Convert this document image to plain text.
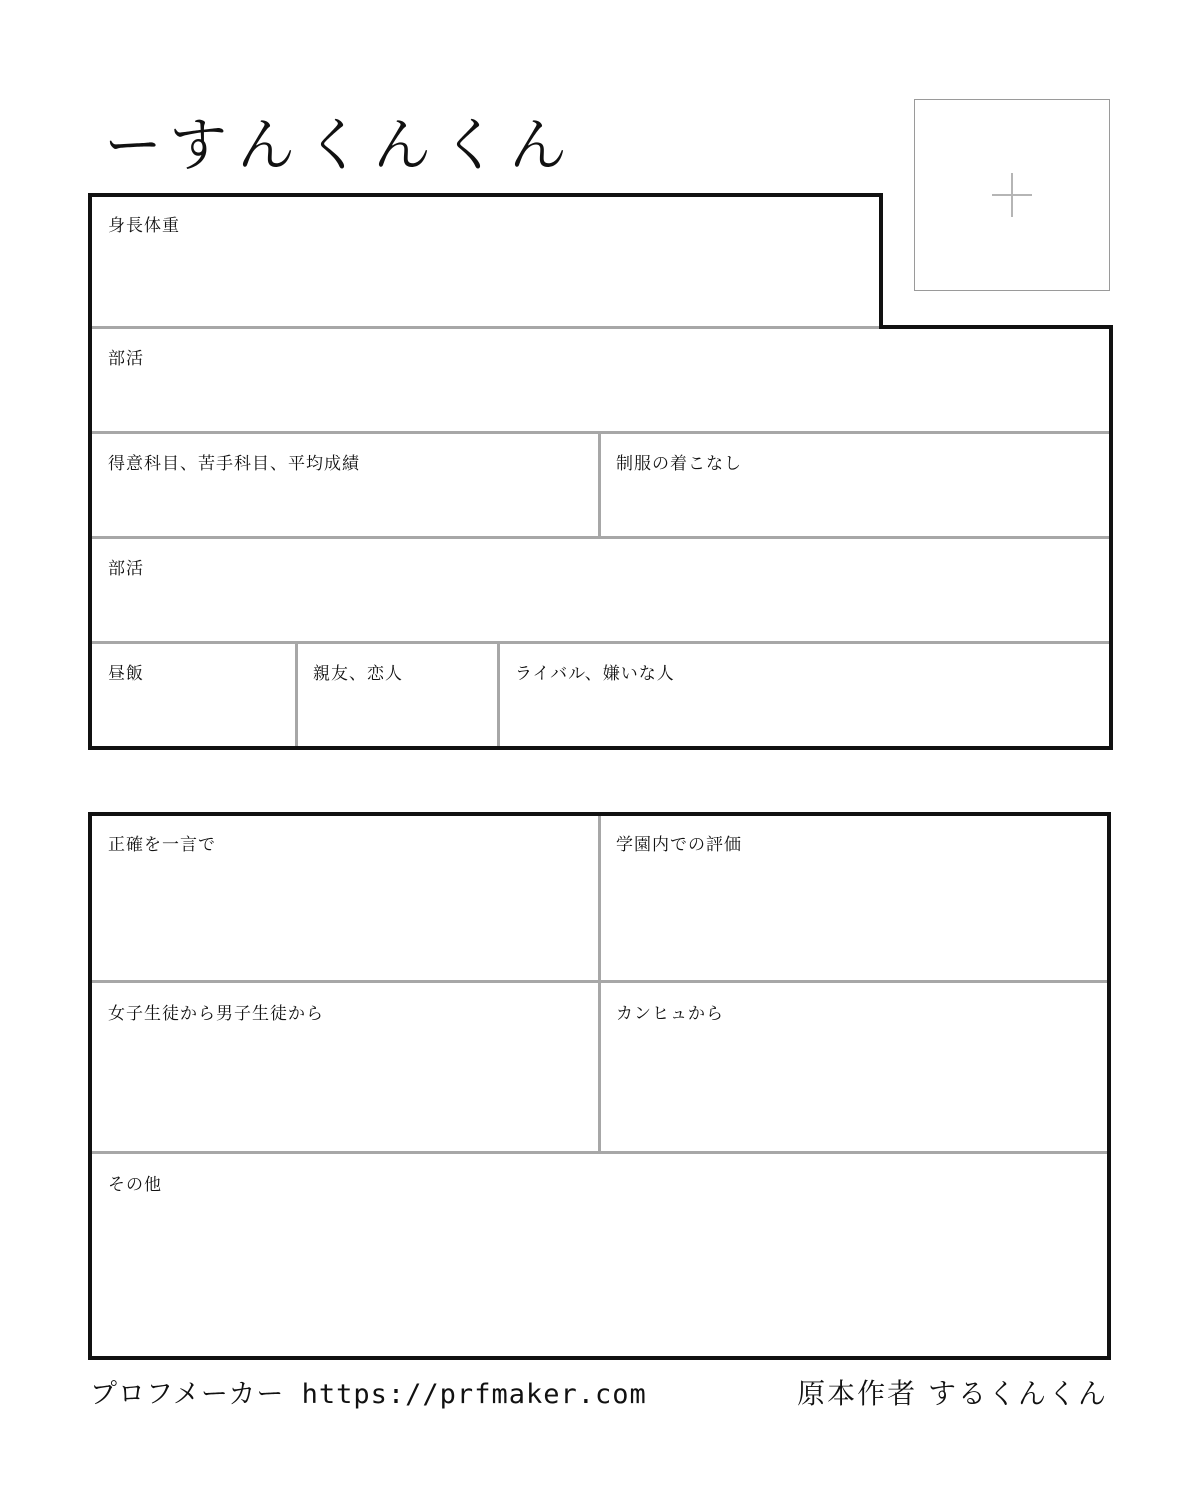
ーすんくんくん
身長体重
部活
得意科目、苦手科目、平均成績	制服の着こなし
部活
昼飯	親友、恋人	ライバル、嫌いな人
正確を一言で	学園内での評価
女子生徒から男子生徒から	カンヒュから
その他
プロフメーカー https://prfmaker.com	原本作者 するくんくん
